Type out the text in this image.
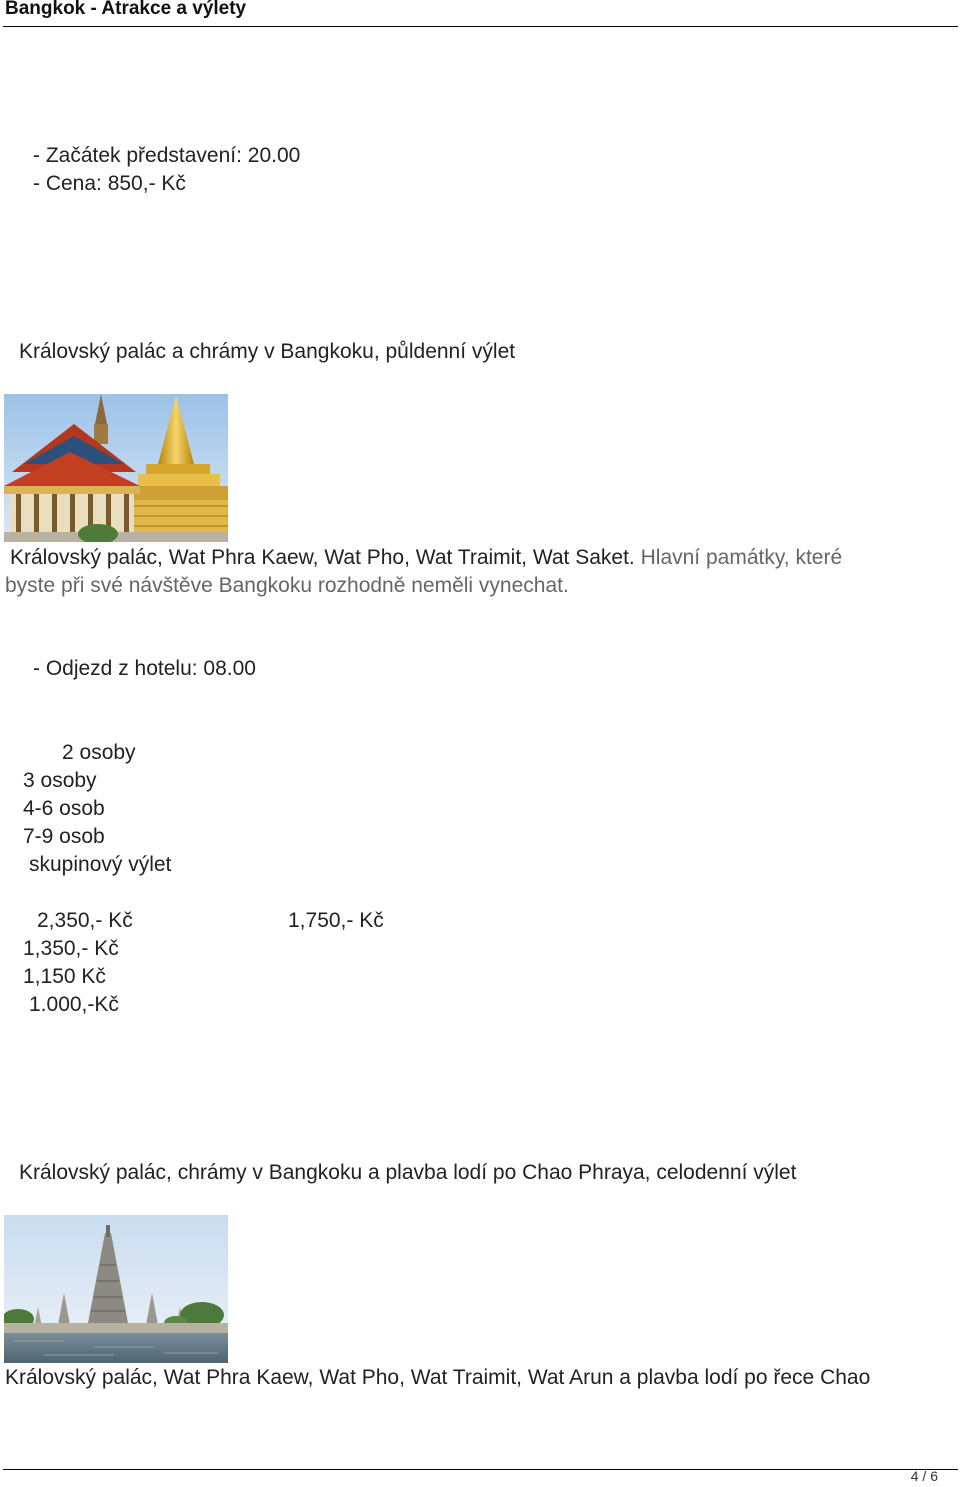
Bangkok - Atrakce a výlety
- Začátek představení: 20.00
- Cena: 850,- Kč
Královský palác a chrámy v Bangkoku, půldenní výlet
Královský palác, Wat Phra Kaew, Wat Pho, Wat Traimit, Wat Saket. Hlavní památky, které
byste při své návštěve Bangkoku rozhodně neměli vynechat.
- Odjezd z hotelu: 08.00
2 osoby
3 osoby
4-6 osob
7-9 osob
skupinový výlet
2,350,- Kč	1,750,- Kč
1,350,- Kč
1,150 Kč
1.000,-Kč
Královský palác, chrámy v Bangkoku a plavba lodí po Chao Phraya, celodenní výlet
Královský palác, Wat Phra Kaew, Wat Pho, Wat Traimit, Wat Arun a plavba lodí po řece Chao
4 / 6
